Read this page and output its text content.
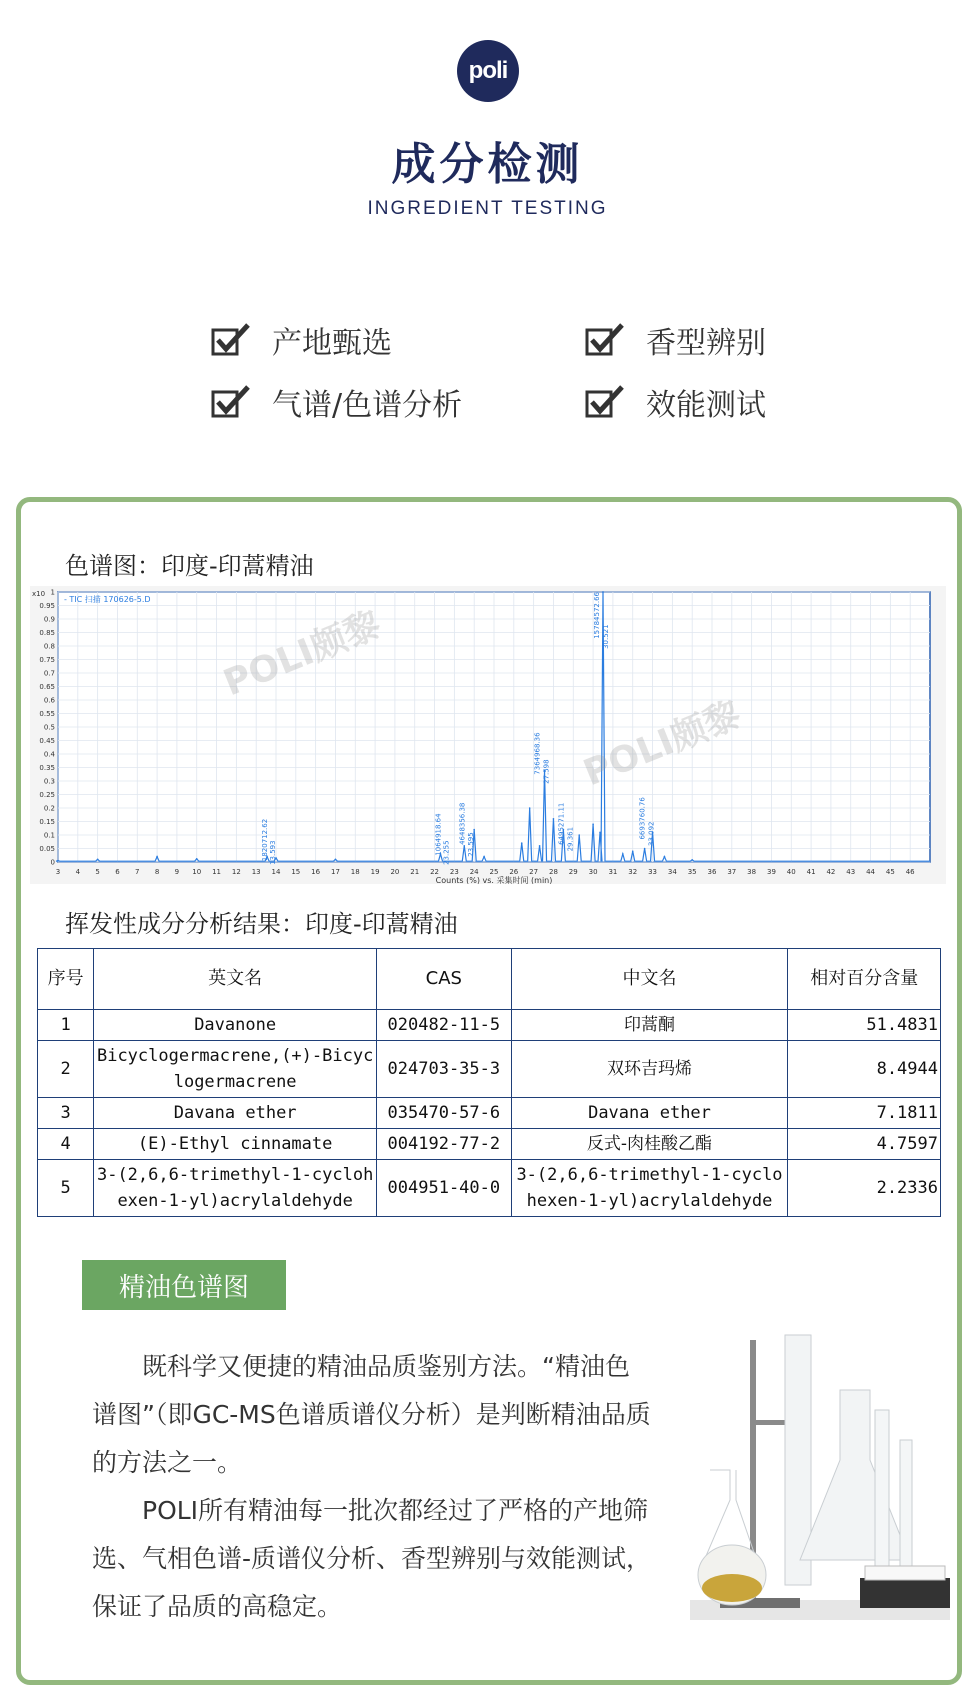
poli
成分检测
INGREDIENT TESTING
产地甄选	香型辨别
气谱/色谱分析	效能测试
色谱图：印度-印蒿精油
3 4 5 6 7 8 9 10 11 12 13 14 15 16 17 18 19 20 21 22 23 24 25 26 27 28 29 30 31 32 33 34 35 36 37 38 39 40 41 42 43 44 45 46
0
0.05
0.1
0.15
0.2
0.25
0.3
0.35
0.4
0.45
0.5
0.55
0.6
0.65
0.7
0.75
0.8
0.85
0.9
0.95
1
x10
- TIC 扫描 170626-5.D
Counts (%) vs. 采集时间 (min)
1820712.62 13.593	1064918.64 23.255
4648356.38 23.595
7364968.36 27.598
6495271.11 29.361
15784572.66 30.521
6693760.76 33.092
POLI颇黎
POLI颇黎
挥发性成分分析结果：印度-印蒿精油
序号	英文名	CAS	中文名	相对百分含量
1	Davanone	020482-11-5	印蒿酮	51.4831
2	Bicyclogermacrene,(+)-Bicyclogermacrene	024703-35-3	双环吉玛烯	8.4944
3	Davana ether	035470-57-6	Davana ether	7.1811
4	(E)-Ethyl cinnamate	004192-77-2	反式-肉桂酸乙酯	4.7597
5	3-(2,6,6-trimethyl-1-cyclohexen-1-yl)acrylaldehyde	004951-40-0	3-(2,6,6-trimethyl-1-cyclohexen-1-yl)acrylaldehyde	2.2336
精油色谱图

既科学又便捷的精油品质鉴别方法。“精油色谱图”（即GC-MS色谱质谱仪分析）是判断精油品质的方法之一。

POLI所有精油每一批次都经过了严格的产地筛选、气相色谱-质谱仪分析、香型辨别与效能测试，保证了品质的高稳定。
